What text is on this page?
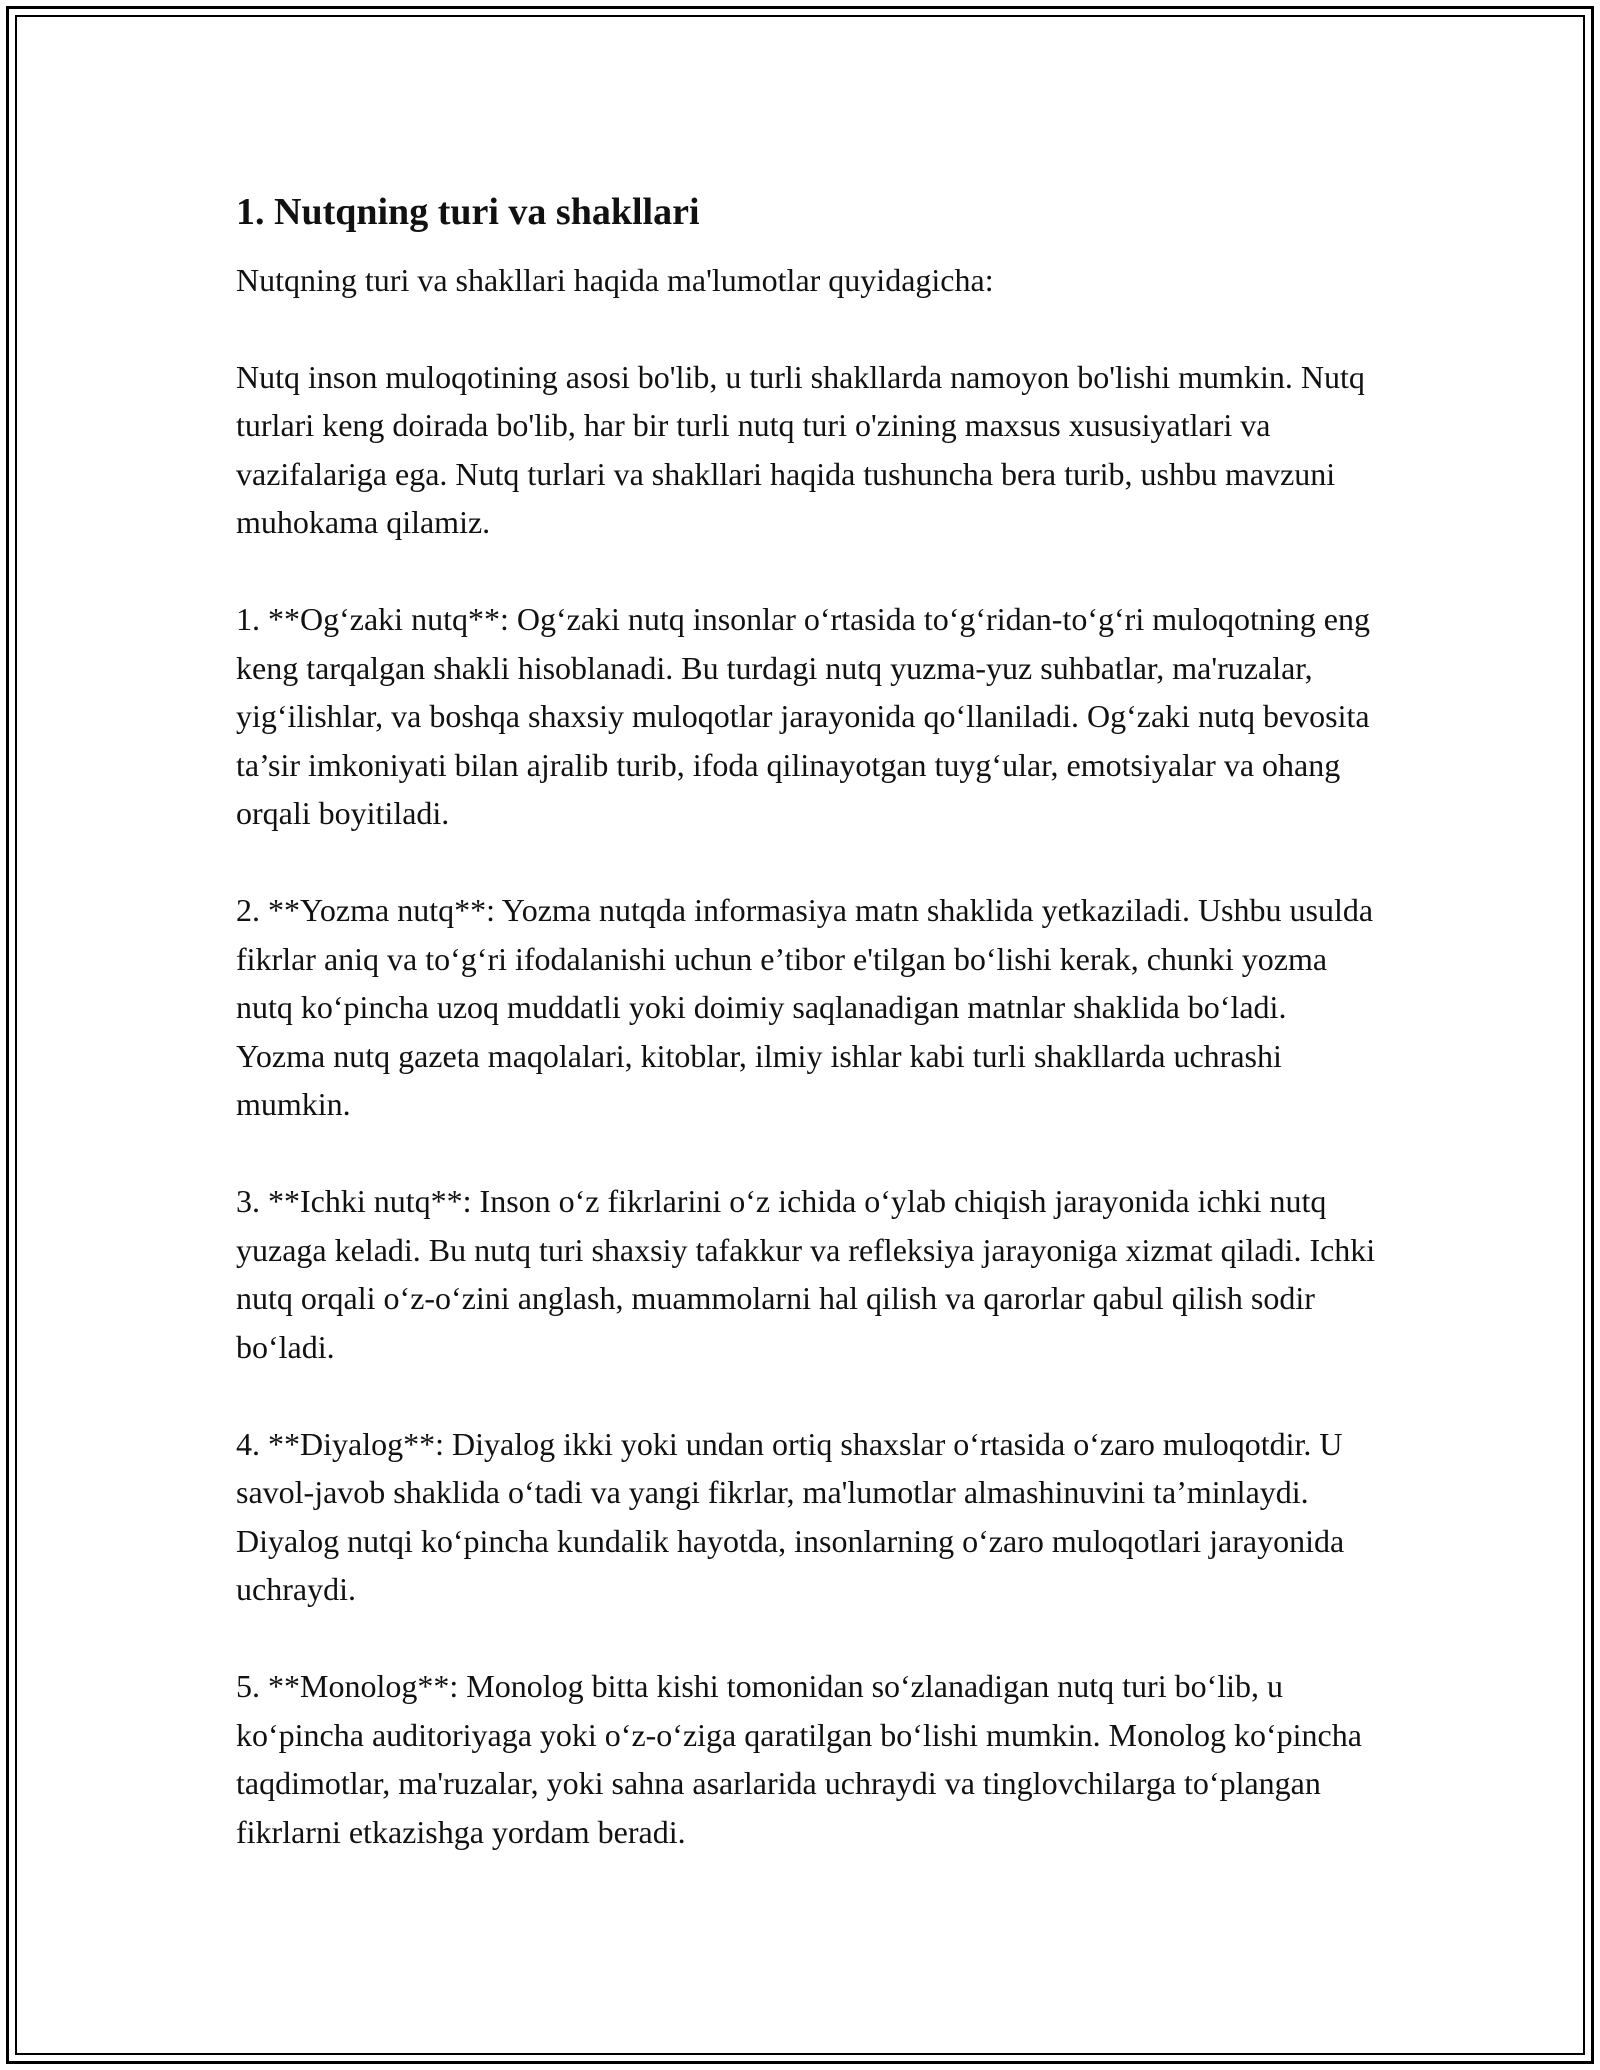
1. Nutqning turi va shakllari

Nutqning turi va shakllari haqida ma'lumotlar quyidagicha:

Nutq inson muloqotining asosi bo'lib, u turli shakllarda namoyon bo'lishi mumkin. Nutq turlari keng doirada bo'lib, har bir turli nutq turi o'zining maxsus xususiyatlari va vazifalariga ega. Nutq turlari va shakllari haqida tushuncha bera turib, ushbu mavzuni muhokama qilamiz.

1. **Og‘zaki nutq**: Og‘zaki nutq insonlar o‘rtasida to‘g‘ridan-to‘g‘ri muloqotning eng keng tarqalgan shakli hisoblanadi. Bu turdagi nutq yuzma-yuz suhbatlar, ma'ruzalar, yig‘ilishlar, va boshqa shaxsiy muloqotlar jarayonida qo‘llaniladi. Og‘zaki nutq bevosita ta’sir imkoniyati bilan ajralib turib, ifoda qilinayotgan tuyg‘ular, emotsiyalar va ohang orqali boyitiladi.

2. **Yozma nutq**: Yozma nutqda informasiya matn shaklida yetkaziladi. Ushbu usulda fikrlar aniq va to‘g‘ri ifodalanishi uchun e’tibor e'tilgan bo‘lishi kerak, chunki yozma nutq ko‘pincha uzoq muddatli yoki doimiy saqlanadigan matnlar shaklida bo‘ladi. Yozma nutq gazeta maqolalari, kitoblar, ilmiy ishlar kabi turli shakllarda uchrashi mumkin.

3. **Ichki nutq**: Inson o‘z fikrlarini o‘z ichida o‘ylab chiqish jarayonida ichki nutq yuzaga keladi. Bu nutq turi shaxsiy tafakkur va refleksiya jarayoniga xizmat qiladi. Ichki nutq orqali o‘z-o‘zini anglash, muammolarni hal qilish va qarorlar qabul qilish sodir bo‘ladi.

4. **Diyalog**: Diyalog ikki yoki undan ortiq shaxslar o‘rtasida o‘zaro muloqotdir. U savol-javob shaklida o‘tadi va yangi fikrlar, ma'lumotlar almashinuvini ta’minlaydi. Diyalog nutqi ko‘pincha kundalik hayotda, insonlarning o‘zaro muloqotlari jarayonida uchraydi.

5. **Monolog**: Monolog bitta kishi tomonidan so‘zlanadigan nutq turi bo‘lib, u ko‘pincha auditoriyaga yoki o‘z-o‘ziga qaratilgan bo‘lishi mumkin. Monolog ko‘pincha taqdimotlar, ma'ruzalar, yoki sahna asarlarida uchraydi va tinglovchilarga to‘plangan fikrlarni etkazishga yordam beradi.
